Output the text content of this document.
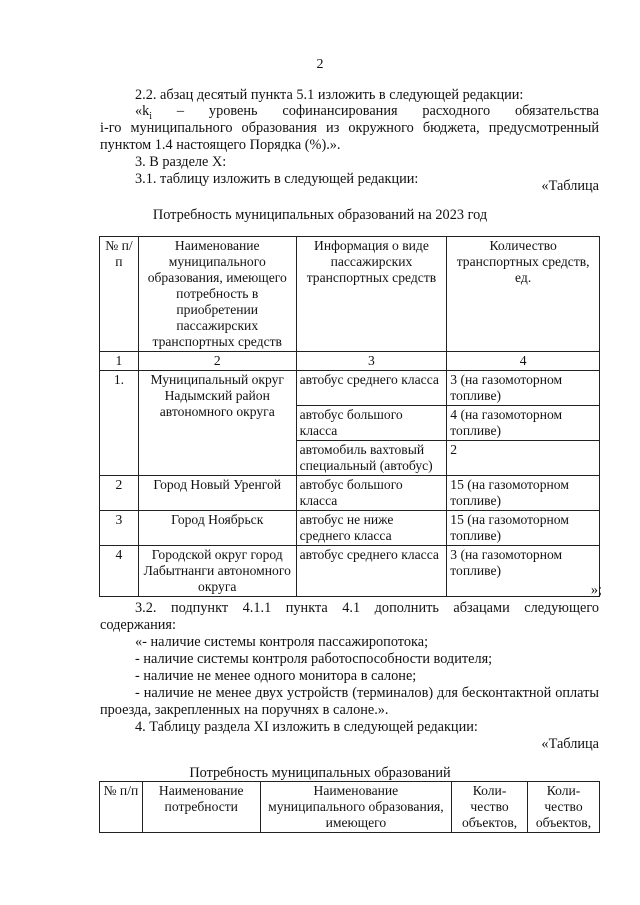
2
2.2. абзац десятый пункта 5.1 изложить в следующей редакции:
«$k_i$ – уровень софинансирования расходного обязательства
i-го муниципального образования из окружного бюджета, предусмотренный
пунктом 1.4 настоящего Порядка (%).».
3. В разделе X:
3.1. таблицу изложить в следующей редакции:	«Таблица
Потребность муниципальных образований на 2023 год
№ п/п	Наименование муниципального образования, имеющего потребность в приобретении пассажирских транспортных средств	Информация о виде пассажирских транспортных средств	Количество транспортных средств, ед.
1	2	3	4
1.	Муниципальный округ Надымский район автономного округа	автобус среднего класса	3 (на газомоторном топливе)
		автобус большого класса	4 (на газомоторном топливе)
		автомобиль вахтовый специальный (автобус)	2
2	Город Новый Уренгой	автобус большого класса	15 (на газомоторном топливе)
3	Город Ноябрьск	автобус не ниже среднего класса	15 (на газомоторном топливе)
4	Городской округ город Лабытнанги автономного округа	автобус среднего класса	3 (на газомоторном топливе)
»;
3.2. подпункт 4.1.1 пункта 4.1 дополнить абзацами следующего
содержания:
«- наличие системы контроля пассажиропотока;
- наличие системы контроля работоспособности водителя;
- наличие не менее одного монитора в салоне;
- наличие не менее двух устройств (терминалов) для бесконтактной оплаты
проезда, закрепленных на поручнях в салоне.».
4. Таблицу раздела XI изложить в следующей редакции:
«Таблица
Потребность муниципальных образований
№ п/п	Наименование потребности	Наименование муниципального образования, имеющего	Коли-чество объектов,	Коли-чество объектов,
